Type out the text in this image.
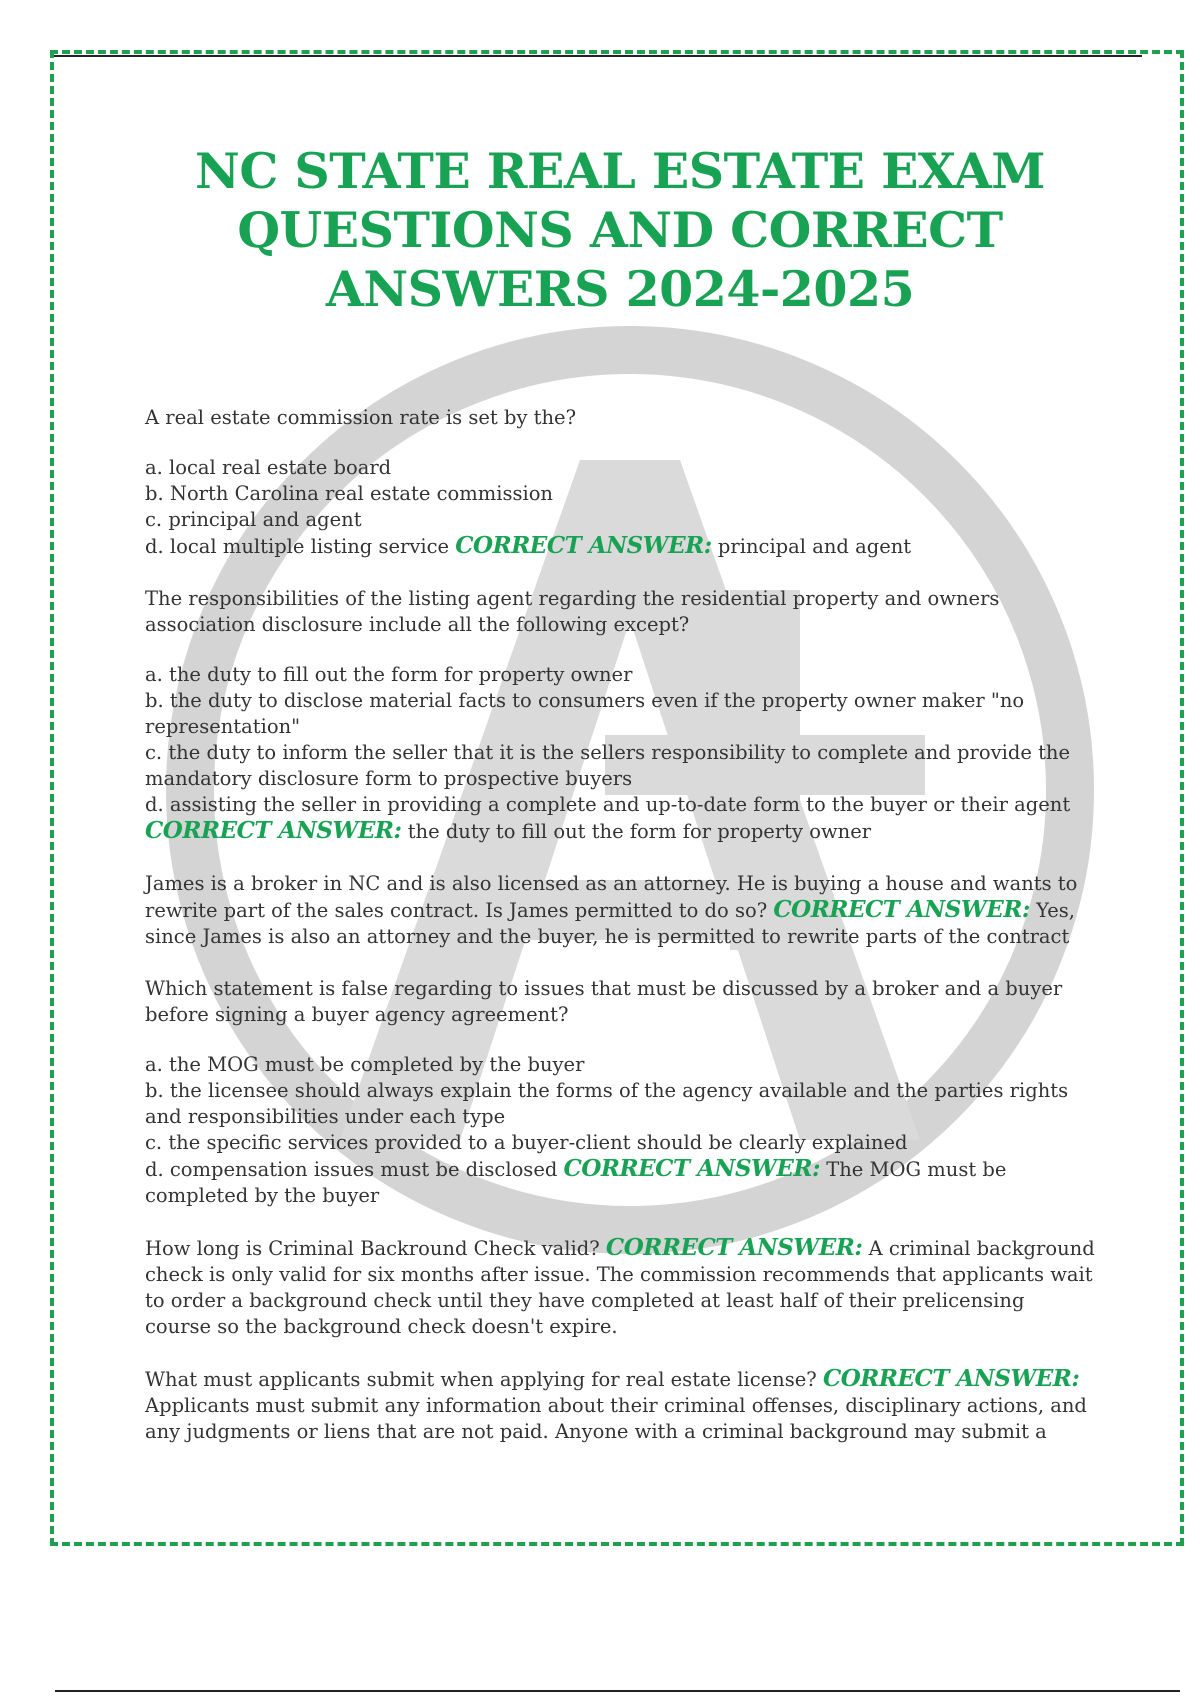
NC STATE REAL ESTATE EXAM
QUESTIONS AND CORRECT
ANSWERS 2024-2025

A real estate commission rate is set by the?

a. local real estate board
b. North Carolina real estate commission
c. principal and agent
d. local multiple listing service CORRECT ANSWER: principal and agent

The responsibilities of the listing agent regarding the residential property and owners association disclosure include all the following except?

a. the duty to fill out the form for property owner
b. the duty to disclose material facts to consumers even if the property owner maker "no representation"
c. the duty to inform the seller that it is the sellers responsibility to complete and provide the mandatory disclosure form to prospective buyers
d. assisting the seller in providing a complete and up-to-date form to the buyer or their agent
CORRECT ANSWER: the duty to fill out the form for property owner

James is a broker in NC and is also licensed as an attorney. He is buying a house and wants to rewrite part of the sales contract. Is James permitted to do so? CORRECT ANSWER: Yes, since James is also an attorney and the buyer, he is permitted to rewrite parts of the contract

Which statement is false regarding to issues that must be discussed by a broker and a buyer before signing a buyer agency agreement?

a. the MOG must be completed by the buyer
b. the licensee should always explain the forms of the agency available and the parties rights and responsibilities under each type
c. the specific services provided to a buyer-client should be clearly explained
d. compensation issues must be disclosed CORRECT ANSWER: The MOG must be completed by the buyer

How long is Criminal Backround Check valid? CORRECT ANSWER: A criminal background check is only valid for six months after issue. The commission recommends that applicants wait to order a background check until they have completed at least half of their prelicensing course so the background check doesn't expire.

What must applicants submit when applying for real estate license? CORRECT ANSWER: Applicants must submit any information about their criminal offenses, disciplinary actions, and any judgments or liens that are not paid. Anyone with a criminal background may submit a
